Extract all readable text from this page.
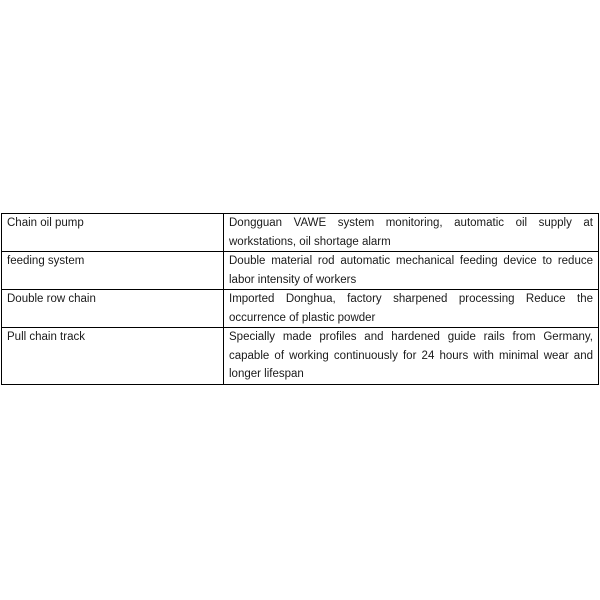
Chain oil pump	Dongguan VAWE system monitoring, automatic oil supply at workstations, oil shortage alarm
feeding system	Double material rod automatic mechanical feeding device to reduce labor intensity of workers
Double row chain	Imported Donghua, factory sharpened processing Reduce the occurrence of plastic powder
Pull chain track	Specially made profiles and hardened guide rails from Germany, capable of working continuously for 24 hours with minimal wear and longer lifespan
